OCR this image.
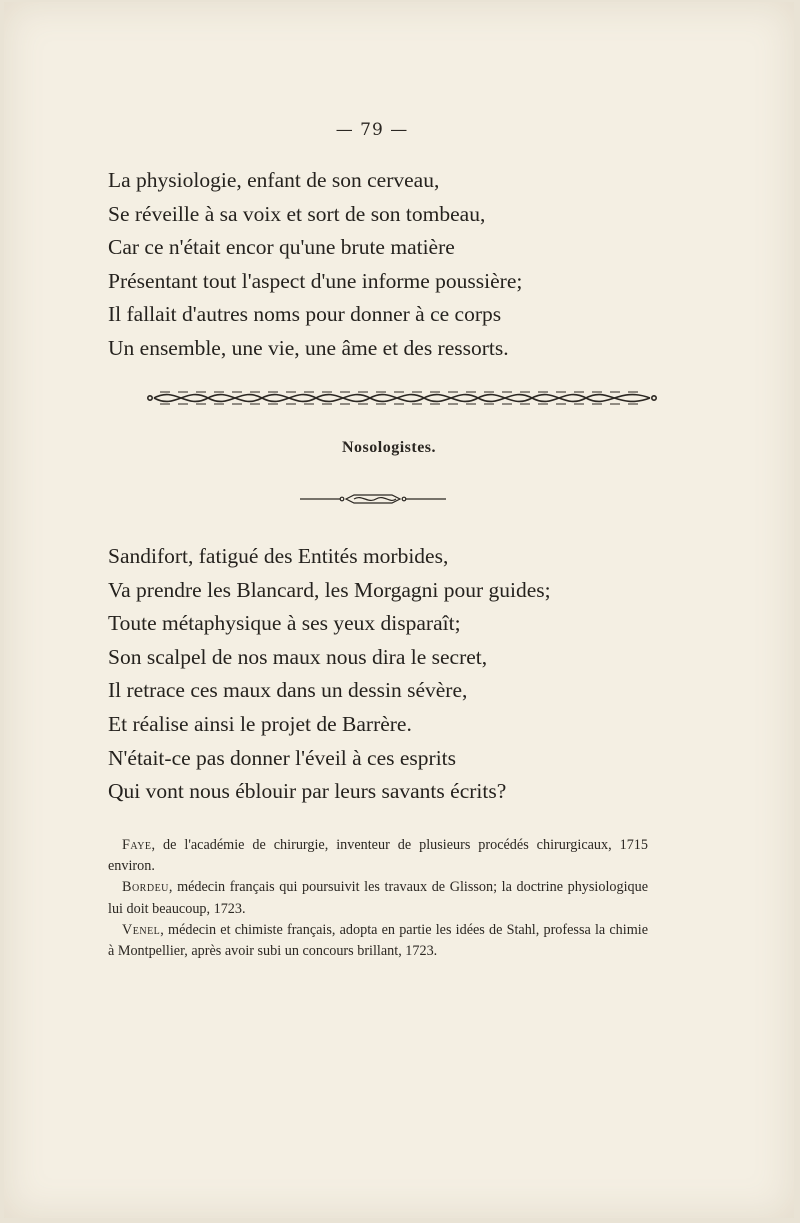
— 79 —
La physiologie, enfant de son cerveau,
Se réveille à sa voix et sort de son tombeau,
Car ce n'était encor qu'une brute matière
Présentant tout l'aspect d'une informe poussière;
Il fallait d'autres noms pour donner à ce corps
Un ensemble, une vie, une âme et des ressorts.
Nosologistes.
Sandifort, fatigué des Entités morbides,
Va prendre les Blancard, les Morgagni pour guides;
Toute métaphysique à ses yeux disparaît;
Son scalpel de nos maux nous dira le secret,
Il retrace ces maux dans un dessin sévère,
Et réalise ainsi le projet de Barrère.
N'était-ce pas donner l'éveil à ces esprits
Qui vont nous éblouir par leurs savants écrits?

Faye, de l'académie de chirurgie, inventeur de plusieurs procédés chirurgicaux, 1715 environ.

Bordeu, médecin français qui poursuivit les travaux de Glisson; la doctrine physiologique lui doit beaucoup, 1723.

Venel, médecin et chimiste français, adopta en partie les idées de Stahl, professa la chimie à Montpellier, après avoir subi un concours brillant, 1723.
